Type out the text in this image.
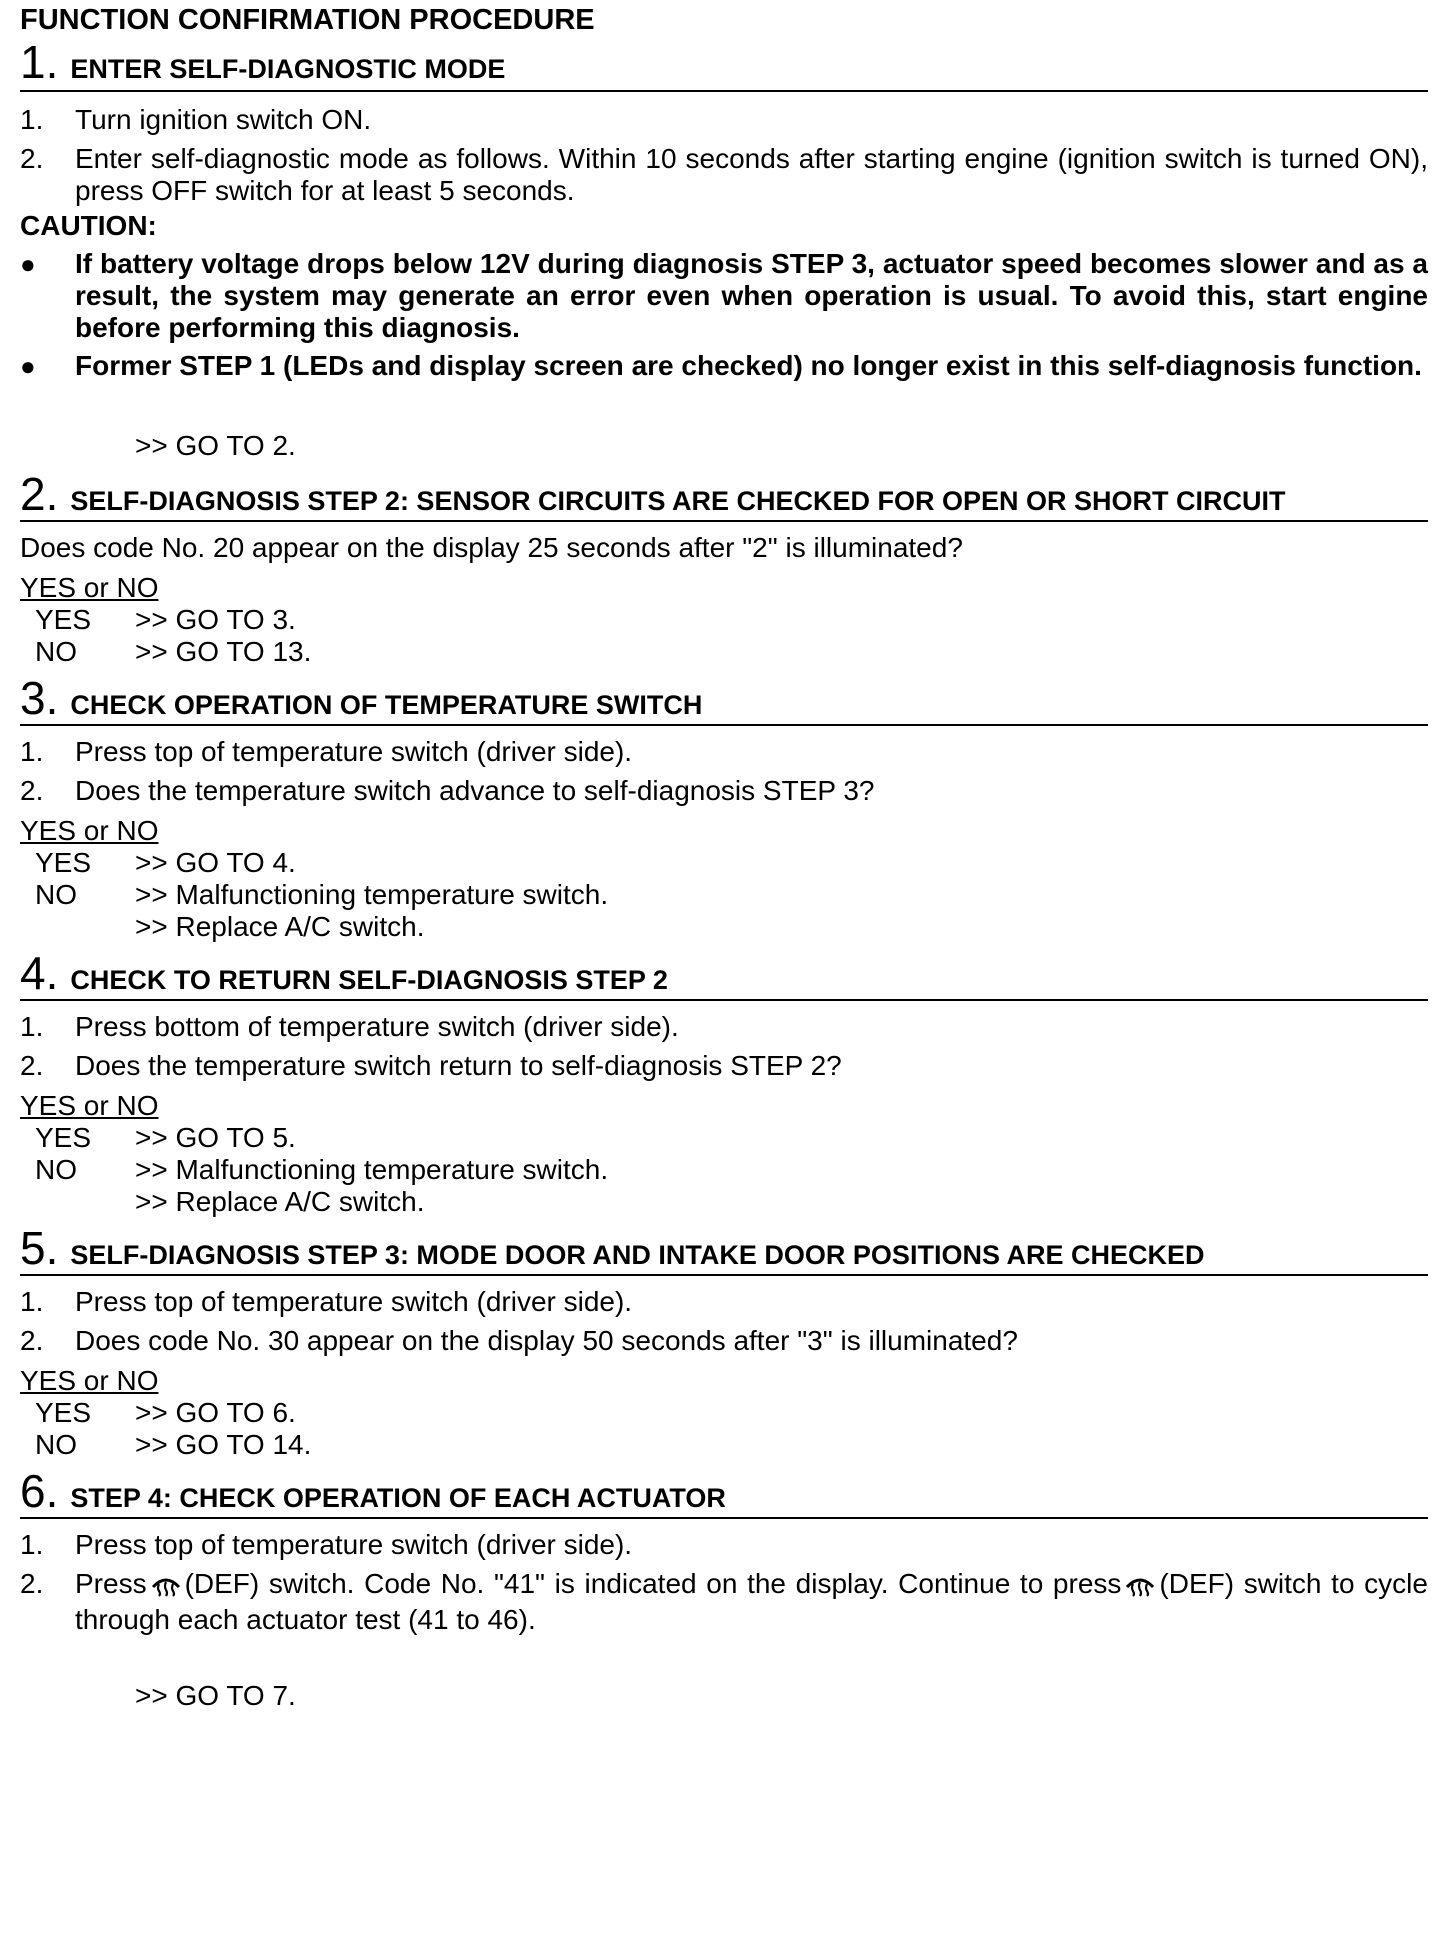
FUNCTION CONFIRMATION PROCEDURE
1. ENTER SELF-DIAGNOSTIC MODE
1.	Turn ignition switch ON.
2.	Enter self-diagnostic mode as follows. Within 10 seconds after starting engine (ignition switch is turned ON), press OFF switch for at least 5 seconds.
CAUTION:
●	If battery voltage drops below 12V during diagnosis STEP 3, actuator speed becomes slower and as a result, the system may generate an error even when operation is usual. To avoid this, start engine before performing this diagnosis.
●	Former STEP 1 (LEDs and display screen are checked) no longer exist in this self-diagnosis function.
>> GO TO 2.
2. SELF-DIAGNOSIS STEP 2: SENSOR CIRCUITS ARE CHECKED FOR OPEN OR SHORT CIRCUIT
Does code No. 20 appear on the display 25 seconds after "2" is illuminated?
YES or NO
YES	>> GO TO 3.
NO	>> GO TO 13.
3. CHECK OPERATION OF TEMPERATURE SWITCH
1.	Press top of temperature switch (driver side).
2.	Does the temperature switch advance to self-diagnosis STEP 3?
YES or NO
YES	>> GO TO 4.
NO	>> Malfunctioning temperature switch.
>> Replace A/C switch.
4. CHECK TO RETURN SELF-DIAGNOSIS STEP 2
1.	Press bottom of temperature switch (driver side).
2.	Does the temperature switch return to self-diagnosis STEP 2?
YES or NO
YES	>> GO TO 5.
NO	>> Malfunctioning temperature switch.
>> Replace A/C switch.
5. SELF-DIAGNOSIS STEP 3: MODE DOOR AND INTAKE DOOR POSITIONS ARE CHECKED
1.	Press top of temperature switch (driver side).
2.	Does code No. 30 appear on the display 50 seconds after "3" is illuminated?
YES or NO
YES	>> GO TO 6.
NO	>> GO TO 14.
6. STEP 4: CHECK OPERATION OF EACH ACTUATOR
1.	Press top of temperature switch (driver side).
2.	Press (DEF) switch. Code No. "41" is indicated on the display. Continue to press (DEF) switch to cycle through each actuator test (41 to 46).
>> GO TO 7.
